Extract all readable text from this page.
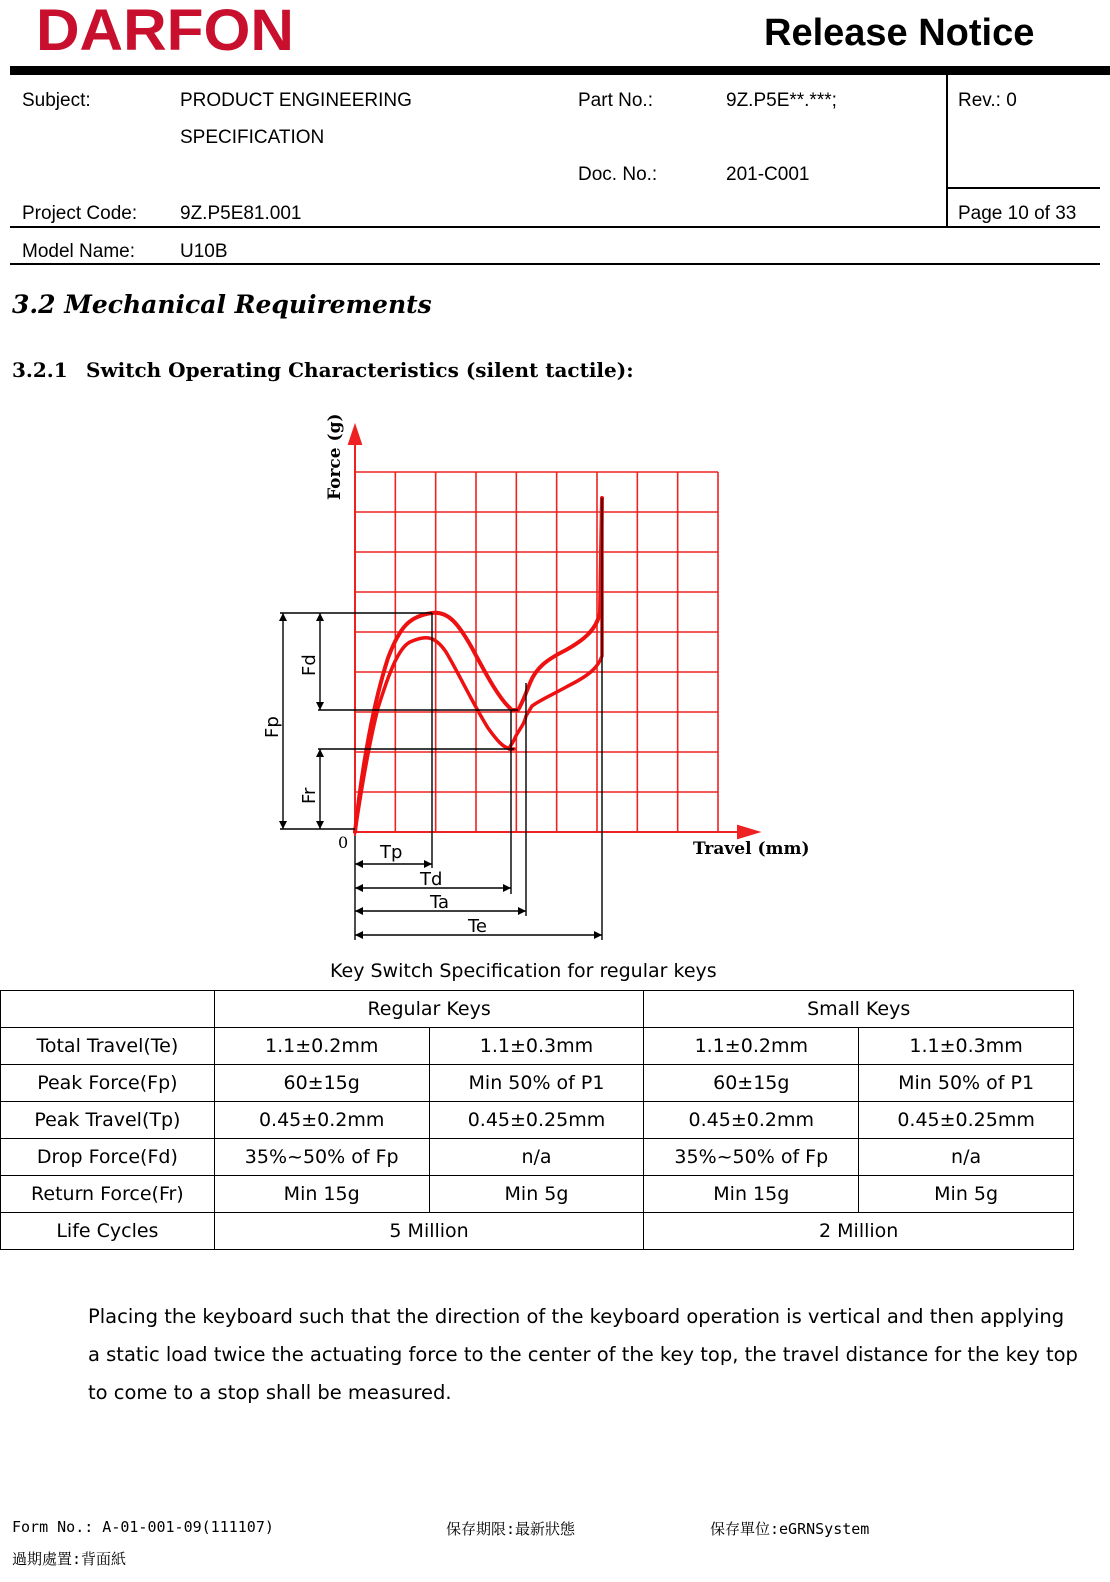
DARFON	Release Notice
Subject:	PRODUCT ENGINEERING
SPECIFICATION
Part No.:	9Z.P5E**.***;	Rev.: 0
Doc. No.:	201-C001
Project Code: 9Z.P5E81.001	Page 10 of 33
Model Name: U10B
3.2 Mechanical Requirements
3.2.1 Switch Operating Characteristics (silent tactile):
Force (g)
Travel (mm)
0
Fp
Fd
Fr
Tp
Td
Ta
Te
Key Switch Specification for regular keys
	Regular Keys		Small Keys	
Total Travel(Te)	1.1±0.2mm	1.1±0.3mm	1.1±0.2mm	1.1±0.3mm
Peak Force(Fp)	60±15g	Min 50% of P1	60±15g	Min 50% of P1
Peak Travel(Tp)	0.45±0.2mm	0.45±0.25mm	0.45±0.2mm	0.45±0.25mm
Drop Force(Fd)	35%~50% of Fp	n/a	35%~50% of Fp	n/a
Return Force(Fr)	Min 15g	Min 5g	Min 15g	Min 5g
Life Cycles	5 Million		2 Million	
Placing the keyboard such that the direction of the keyboard operation is vertical and then applying a static load twice the actuating force to the center of the key top, the travel distance for the key top to come to a stop shall be measured.
Form No.: A-01-001-09(111107)	保存期限:最新狀態	保存單位:eGRNSystem
過期處置:背面紙
